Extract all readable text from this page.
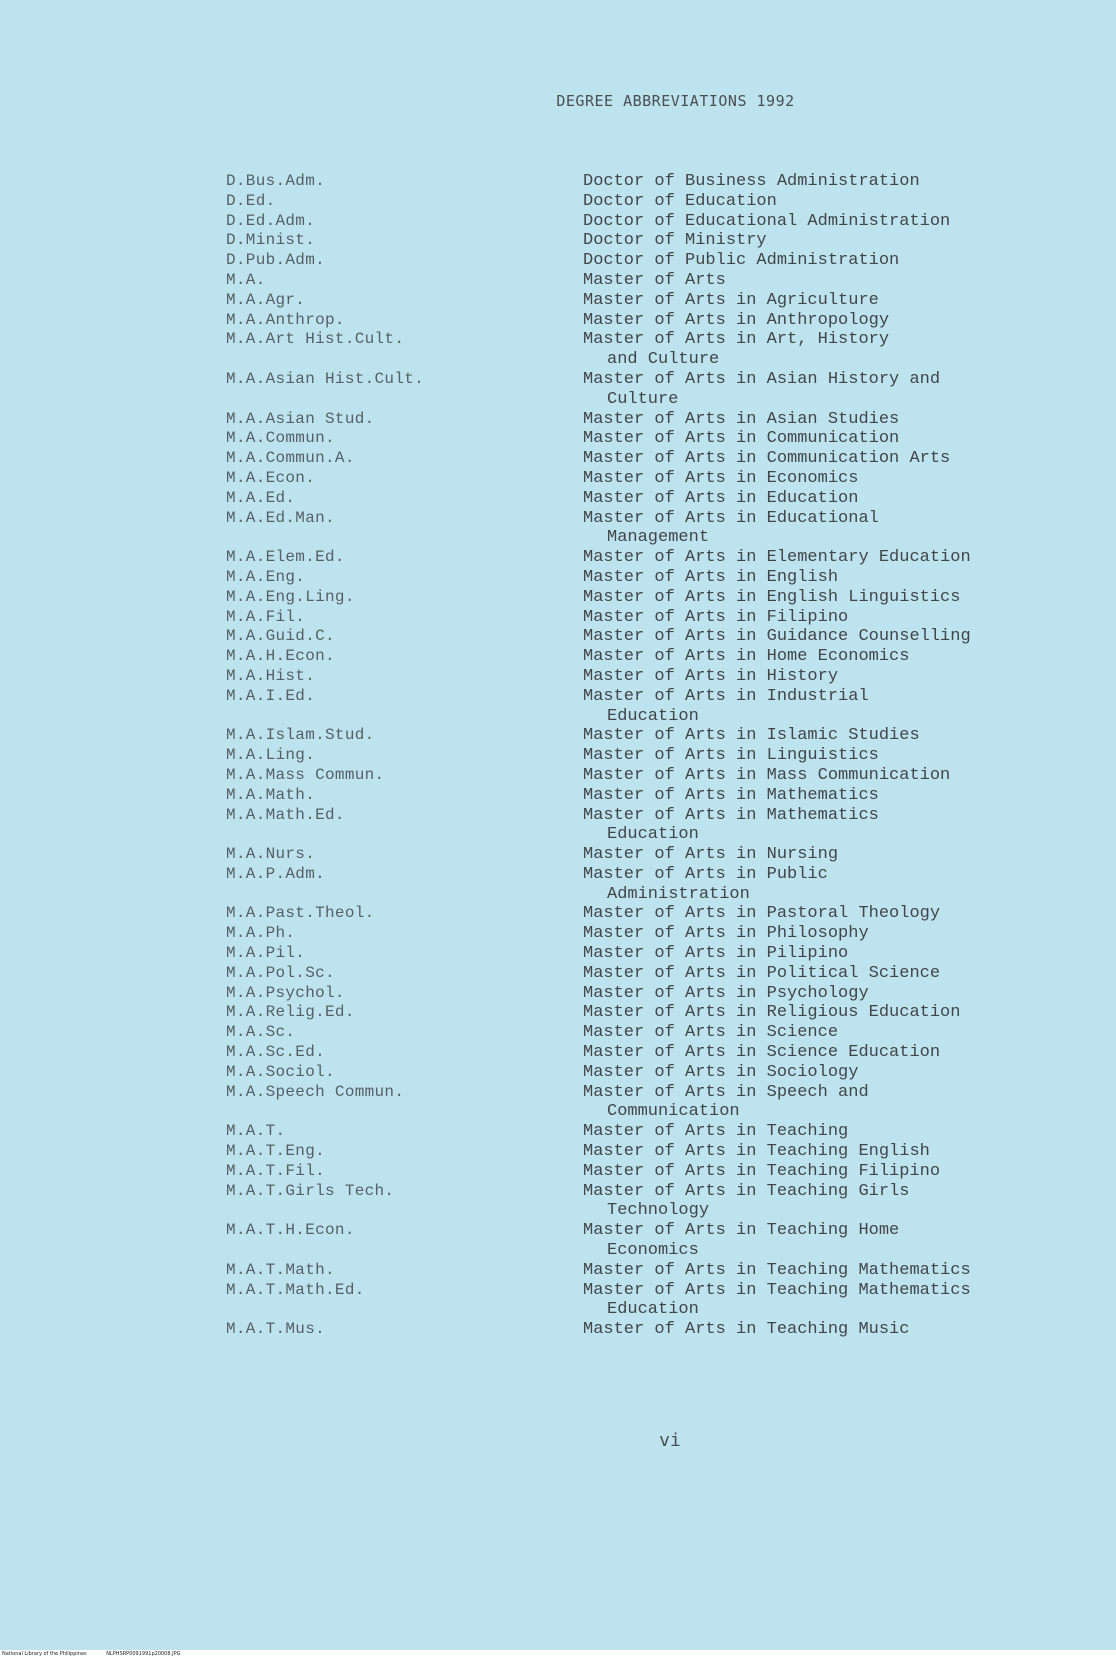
DEGREE ABBREVIATIONS 1992
D.Bus.Adm.	Doctor of Business Administration
D.Ed.	Doctor of Education
D.Ed.Adm.	Doctor of Educational Administration
D.Minist.	Doctor of Ministry
D.Pub.Adm.	Doctor of Public Administration
M.A.	Master of Arts
M.A.Agr.	Master of Arts in Agriculture
M.A.Anthrop.	Master of Arts in Anthropology
M.A.Art Hist.Cult.	Master of Arts in Art, History
and Culture
M.A.Asian Hist.Cult.	Master of Arts in Asian History and
Culture
M.A.Asian Stud.	Master of Arts in Asian Studies
M.A.Commun.	Master of Arts in Communication
M.A.Commun.A.	Master of Arts in Communication Arts
M.A.Econ.	Master of Arts in Economics
M.A.Ed.	Master of Arts in Education
M.A.Ed.Man.	Master of Arts in Educational
Management
M.A.Elem.Ed.	Master of Arts in Elementary Education
M.A.Eng.	Master of Arts in English
M.A.Eng.Ling.	Master of Arts in English Linguistics
M.A.Fil.	Master of Arts in Filipino
M.A.Guid.C.	Master of Arts in Guidance Counselling
M.A.H.Econ.	Master of Arts in Home Economics
M.A.Hist.	Master of Arts in History
M.A.I.Ed.	Master of Arts in Industrial
Education
M.A.Islam.Stud.	Master of Arts in Islamic Studies
M.A.Ling.	Master of Arts in Linguistics
M.A.Mass Commun.	Master of Arts in Mass Communication
M.A.Math.	Master of Arts in Mathematics
M.A.Math.Ed.	Master of Arts in Mathematics
Education
M.A.Nurs.	Master of Arts in Nursing
M.A.P.Adm.	Master of Arts in Public
Administration
M.A.Past.Theol.	Master of Arts in Pastoral Theology
M.A.Ph.	Master of Arts in Philosophy
M.A.Pil.	Master of Arts in Pilipino
M.A.Pol.Sc.	Master of Arts in Political Science
M.A.Psychol.	Master of Arts in Psychology
M.A.Relig.Ed.	Master of Arts in Religious Education
M.A.Sc.	Master of Arts in Science
M.A.Sc.Ed.	Master of Arts in Science Education
M.A.Sociol.	Master of Arts in Sociology
M.A.Speech Commun.	Master of Arts in Speech and
Communication
M.A.T.	Master of Arts in Teaching
M.A.T.Eng.	Master of Arts in Teaching English
M.A.T.Fil.	Master of Arts in Teaching Filipino
M.A.T.Girls Tech.	Master of Arts in Teaching Girls
Technology
M.A.T.H.Econ.	Master of Arts in Teaching Home
Economics
M.A.T.Math.	Master of Arts in Teaching Mathematics
M.A.T.Math.Ed.	Master of Arts in Teaching Mathematics
Education
M.A.T.Mus.	Master of Arts in Teaching Music
vi
National Library of the Philippines	NLPHSRP0091991p20008.JPG
